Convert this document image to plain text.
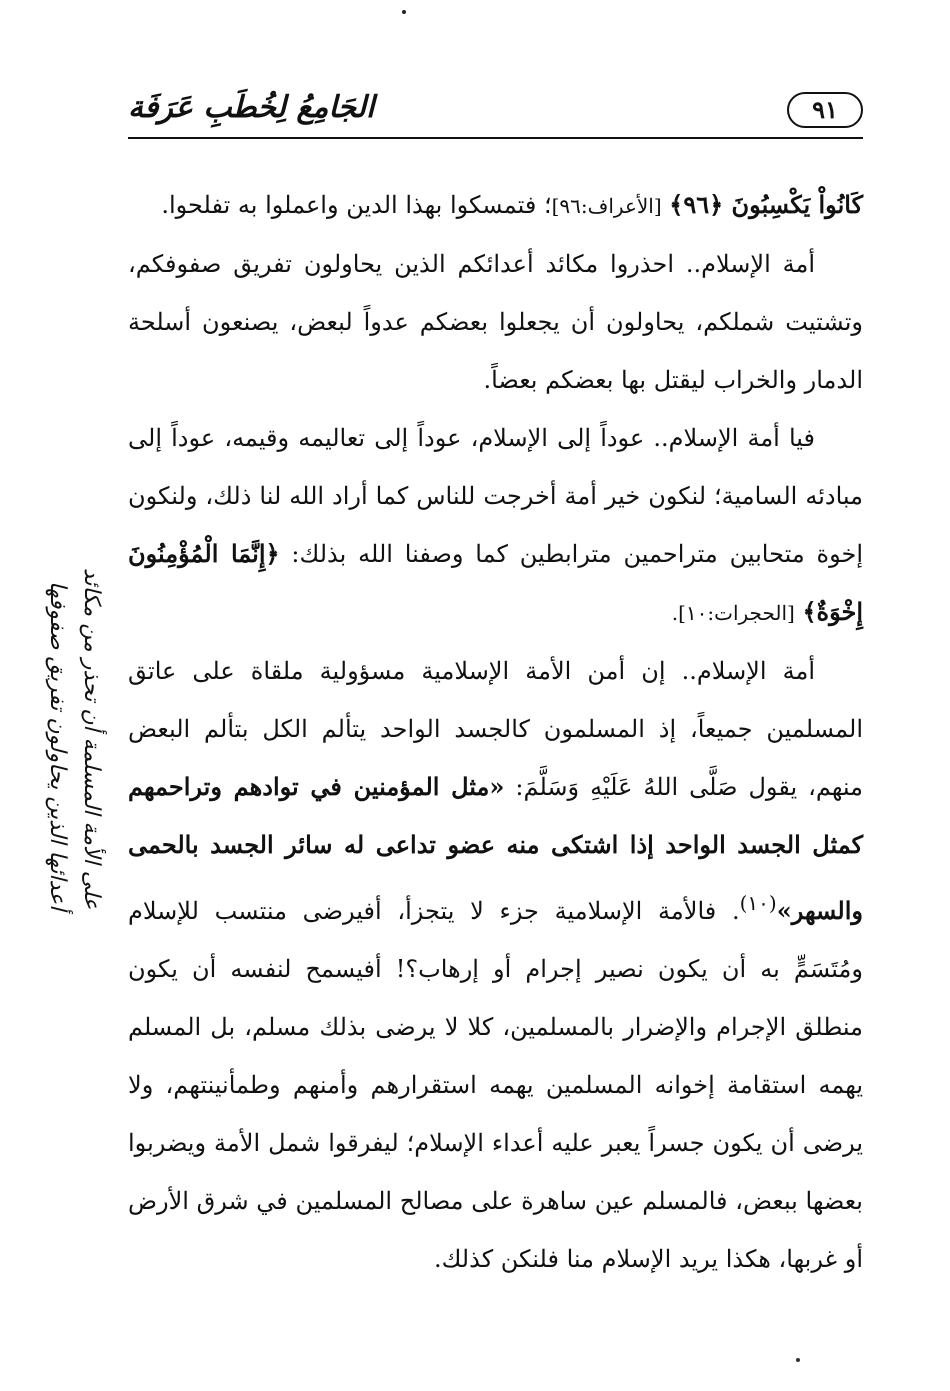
الجَامِعُ لِخُطَبِ عَرَفَة	٩١

كَانُواْ يَكْسِبُونَ ﴿٩٦﴾ [الأعراف:٩٦]؛ فتمسكوا بهذا الدين واعملوا به تفلحوا.

أمة الإسلام.. احذروا مكائد أعدائكم الذين يحاولون تفريق صفوفكم، وتشتيت شملكم، يحاولون أن يجعلوا بعضكم عدواً لبعض، يصنعون أسلحة الدمار والخراب ليقتل بها بعضكم بعضاً.

فيا أمة الإسلام.. عوداً إلى الإسلام، عوداً إلى تعاليمه وقيمه، عوداً إلى مبادئه السامية؛ لنكون خير أمة أخرجت للناس كما أراد الله لنا ذلك، ولنكون إخوة متحابين متراحمين مترابطين كما وصفنا الله بذلك: ﴿إِنَّمَا الْمُؤْمِنُونَ إِخْوَةٌ﴾ [الحجرات:١٠].

أمة الإسلام.. إن أمن الأمة الإسلامية مسؤولية ملقاة على عاتق المسلمين جميعاً، إذ المسلمون كالجسد الواحد يتألم الكل بتألم البعض منهم، يقول صَلَّى اللهُ عَلَيْهِ وَسَلَّمَ: «مثل المؤمنين في توادهم وتراحمهم كمثل الجسد الواحد إذا اشتكى منه عضو تداعى له سائر الجسد بالحمى والسهر»$^{(١٠)}$. فالأمة الإسلامية جزء لا يتجزأ، أفيرضى منتسب للإسلام ومُتَسَمٍّ به أن يكون نصير إجرام أو إرهاب؟! أفيسمح لنفسه أن يكون منطلق الإجرام والإضرار بالمسلمين، كلا لا يرضى بذلك مسلم، بل المسلم يهمه استقامة إخوانه المسلمين يهمه استقرارهم وأمنهم وطمأنينتهم، ولا يرضى أن يكون جسراً يعبر عليه أعداء الإسلام؛ ليفرقوا شمل الأمة ويضربوا بعضها ببعض، فالمسلم عين ساهرة على مصالح المسلمين في شرق الأرض أو غربها، هكذا يريد الإسلام منا فلنكن كذلك.

على الأمة المسلمة أن تحذر من مكائد
أعدائها الذين يحاولون تفريق صفوفها
